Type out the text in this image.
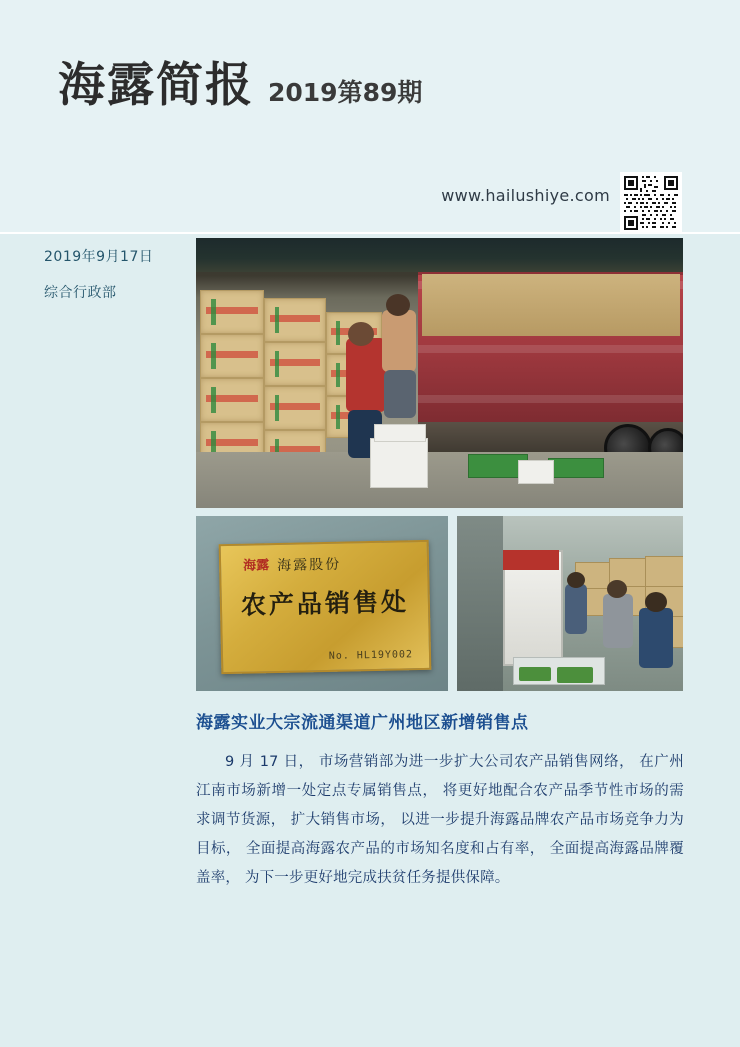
海露简报 2019第89期
www.hailushiye.com
2019年9月17日
综合行政部
海露 海露股份
农产品销售处
No. HL19Y002
海露实业大宗流通渠道广州地区新增销售点
9 月 17 日， 市场营销部为进一步扩大公司农产品销售网络， 在广州江南市场新增一处定点专属销售点， 将更好地配合农产品季节性市场的需求调节货源， 扩大销售市场， 以进一步提升海露品牌农产品市场竞争力为目标， 全面提高海露农产品的市场知名度和占有率， 全面提高海露品牌覆盖率， 为下一步更好地完成扶贫任务提供保障。
